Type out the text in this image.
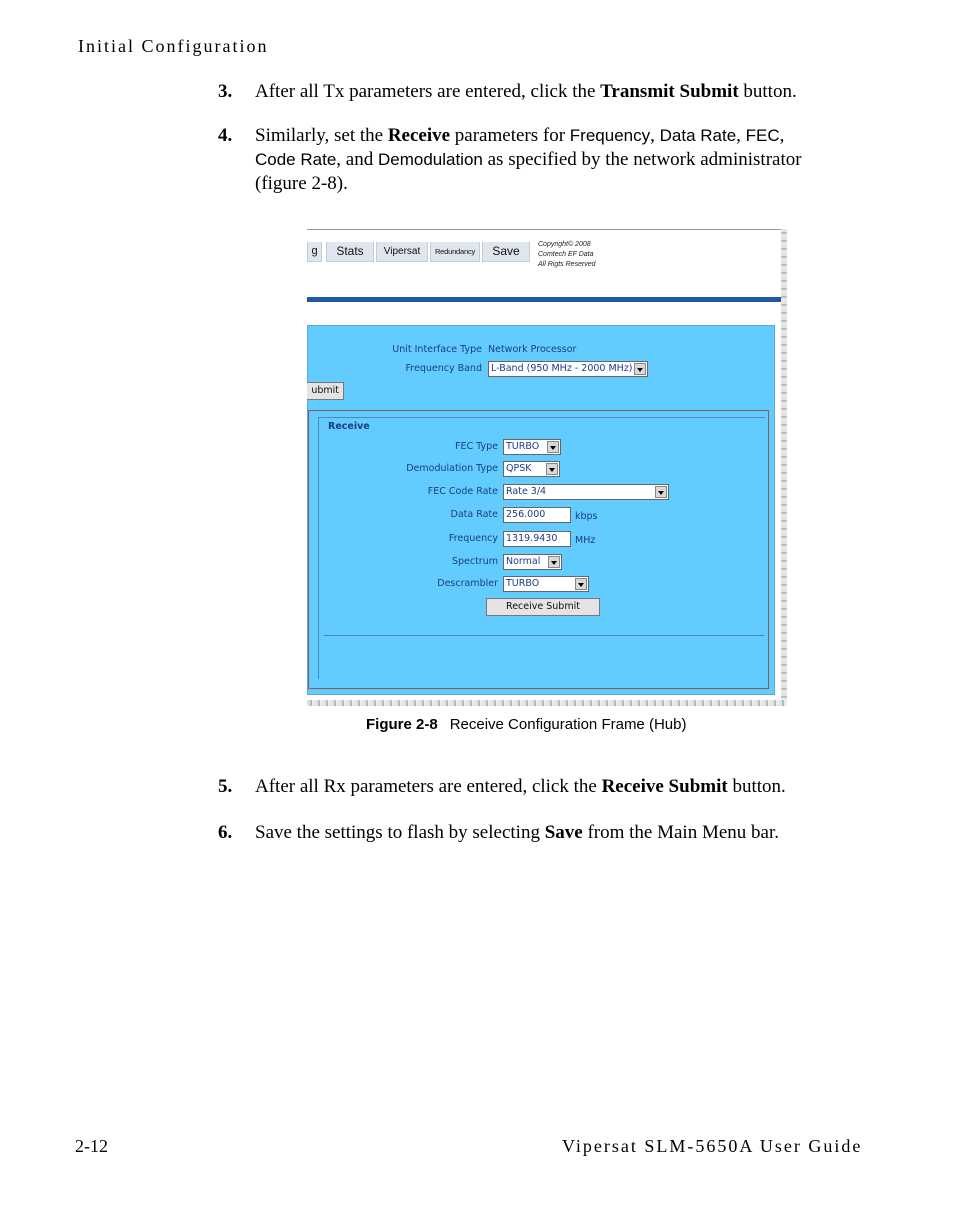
Initial Configuration
3. After all Tx parameters are entered, click the Transmit Submit button.
4. Similarly, set the Receive parameters for Frequency, Data Rate, FEC,
Code Rate, and Demodulation as specified by the network administrator
(figure 2-8).
g	Stats	Vipersat	Redundancy	Save	Copyright© 2008
Comtech EF Data
All Rigts Reserved
Unit Interface Type Network Processor
Frequency Band L-Band (950 MHz - 2000 MHz)
ubmit
Receive
FEC Type TURBO
Demodulation Type QPSK
FEC Code Rate Rate 3/4
Data Rate 256.000	kbps
Frequency 1319.9430	MHz
Spectrum Normal
Descrambler TURBO
Receive Submit
Figure 2-8 Receive Configuration Frame (Hub)
5. After all Rx parameters are entered, click the Receive Submit button.
6. Save the settings to flash by selecting Save from the Main Menu bar.
2-12	Vipersat SLM-5650A User Guide
